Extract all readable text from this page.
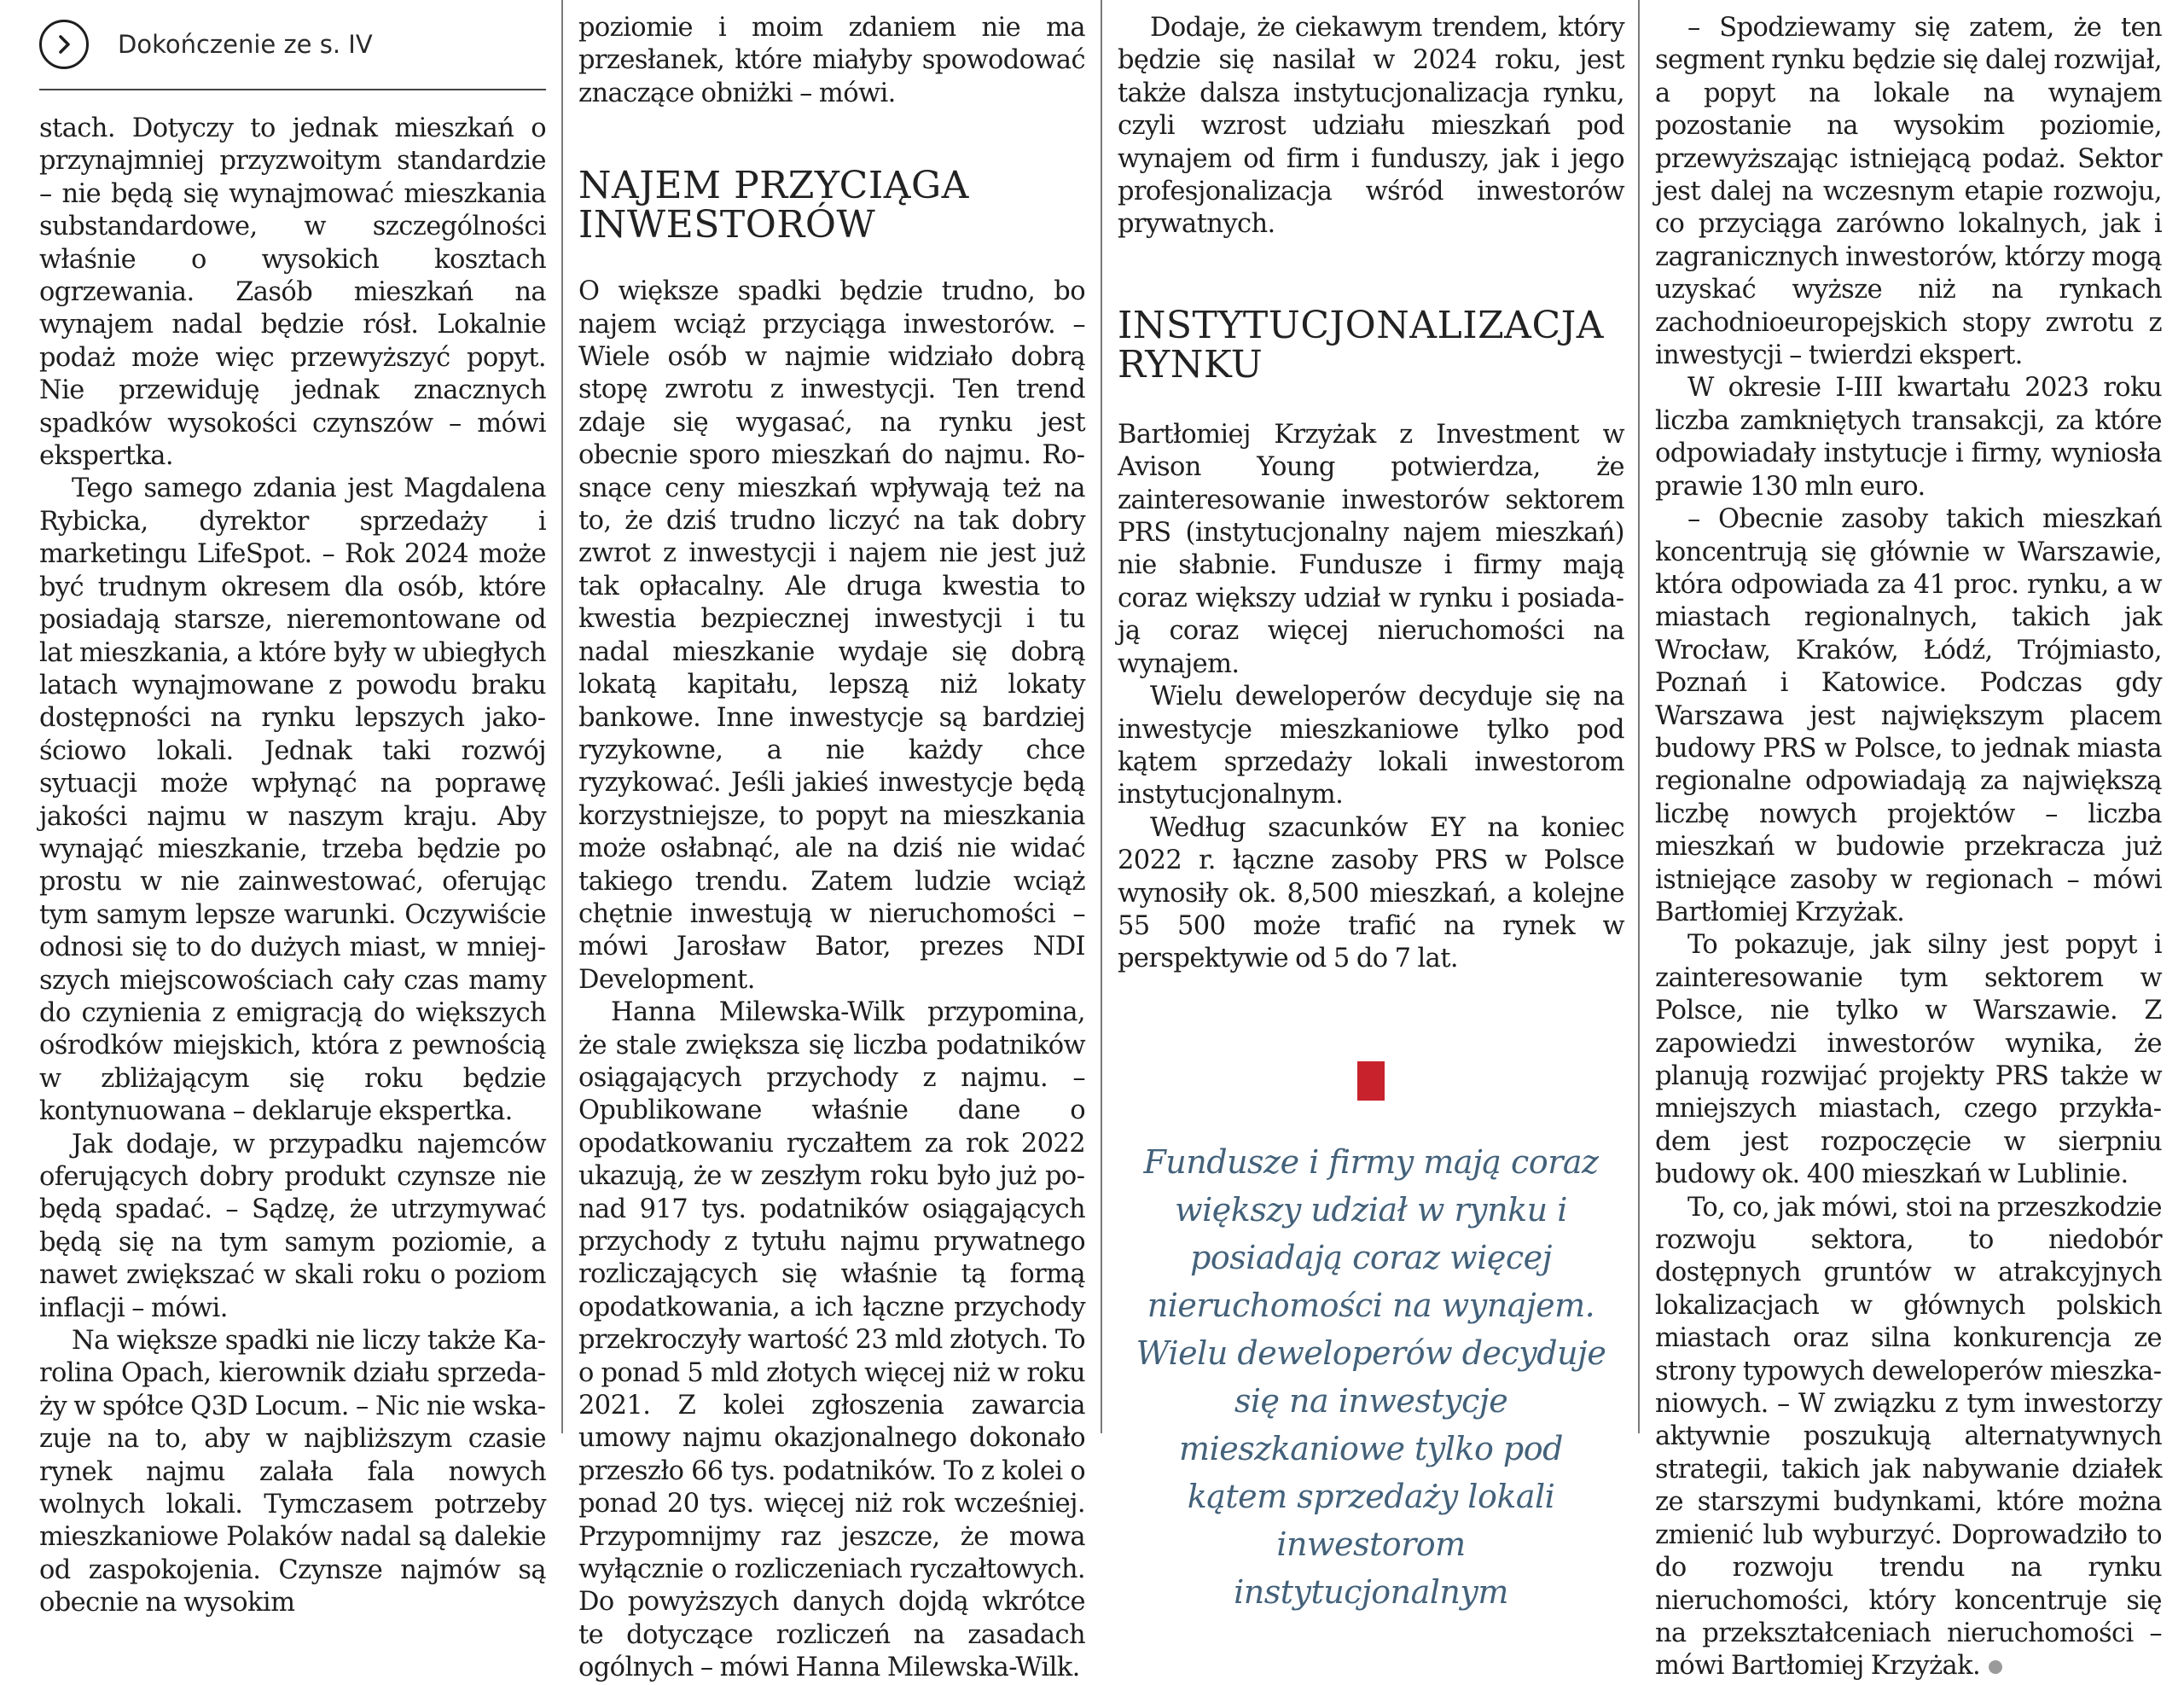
Dokończenie ze s. IV

stach. Dotyczy to jednak mieszkań o przynajmniej przyzwoitym standardzie – nie będą się wynajmować mieszkania substandardowe, w szczególności właśnie o wysokich kosztach ogrzewania. Zasób mieszkań na wynajem nadal będzie rósł. Lokalnie podaż może więc przewyższyć popyt. Nie przewiduję jednak znacznych spadków wysokości czynszów – mówi ekspertka.

Tego samego zdania jest Magdalena Rybicka, dyrektor sprzedaży i marketingu LifeSpot. – Rok 2024 może być trudnym okresem dla osób, które posiadają starsze, nieremontowane od lat mieszkania, a które były w ubiegłych latach wynajmowane z powodu braku dostępności na rynku lepszych jakościowo lokali. Jednak taki rozwój sytuacji może wpłynąć na poprawę jakości najmu w naszym kraju. Aby wynająć mieszkanie, trzeba będzie po prostu w nie zainwestować, oferując tym samym lepsze warunki. Oczywiście odnosi się to do dużych miast, w mniejszych miejscowościach cały czas mamy do czynienia z emigracją do większych ośrodków miejskich, która z pewnością w zbliżającym się roku będzie kontynuowana – deklaruje ekspertka.

Jak dodaje, w przypadku najemców oferujących dobry produkt czynsze nie będą spadać. – Sądzę, że utrzymywać będą się na tym samym poziomie, a nawet zwiększać w skali roku o poziom inflacji – mówi.

Na większe spadki nie liczy także Karolina Opach, kierownik działu sprzedaży w spółce Q3D Locum. – Nic nie wskazuje na to, aby w najbliższym czasie rynek najmu zalała fala nowych wolnych lokali. Tymczasem potrzeby mieszkaniowe Polaków nadal są dalekie od zaspokojenia. Czynsze najmów są obecnie na wysokim

poziomie i moim zdaniem nie ma przesłanek, które miałyby spowodować znaczące obniżki – mówi.

NAJEM PRZYCIĄGA INWESTORÓW

O większe spadki będzie trudno, bo najem wciąż przyciąga inwestorów. – Wiele osób w najmie widziało dobrą stopę zwrotu z inwestycji. Ten trend zdaje się wygasać, na rynku jest obecnie sporo mieszkań do najmu. Rosnące ceny mieszkań wpływają też na to, że dziś trudno liczyć na tak dobry zwrot z inwestycji i najem nie jest już tak opłacalny. Ale druga kwestia to kwestia bezpiecznej inwestycji i tu nadal mieszkanie wydaje się dobrą lokatą kapitału, lepszą niż lokaty bankowe. Inne inwestycje są bardziej ryzykowne, a nie każdy chce ryzykować. Jeśli jakieś inwestycje będą korzystniejsze, to popyt na mieszkania może osłabnąć, ale na dziś nie widać takiego trendu. Zatem ludzie wciąż chętnie inwestują w nieruchomości – mówi Jarosław Bator, prezes NDI Development.

Hanna Milewska-Wilk przypomina, że stale zwiększa się liczba podatników osiągających przychody z najmu. – Opublikowane właśnie dane o opodatkowaniu ryczałtem za rok 2022 ukazują, że w zeszłym roku było już ponad 917 tys. podatników osiągających przychody z tytułu najmu prywatnego rozliczających się właśnie tą formą opodatkowania, a ich łączne przychody przekroczyły wartość 23 mld złotych. To o ponad 5 mld złotych więcej niż w roku 2021. Z kolei zgłoszenia zawarcia umowy najmu okazjonalnego dokonało przeszło 66 tys. podatników. To z kolei o ponad 20 tys. więcej niż rok wcześniej. Przypomnijmy raz jeszcze, że mowa wyłącznie o rozliczeniach ryczałtowych. Do powyższych danych dojdą wkrótce te dotyczące rozliczeń na zasadach ogólnych – mówi Hanna Milewska-Wilk.

Dodaje, że ciekawym trendem, który będzie się nasilał w 2024 roku, jest także dalsza instytucjonalizacja rynku, czyli wzrost udziału mieszkań pod wynajem od firm i funduszy, jak i jego profesjonalizacja wśród inwestorów prywatnych.

INSTYTUCJONALIZACJA RYNKU

Bartłomiej Krzyżak z Investment w Avison Young potwierdza, że zainteresowanie inwestorów sektorem PRS (instytucjonalny najem mieszkań) nie słabnie. Fundusze i firmy mają coraz większy udział w rynku i posiadają coraz więcej nieruchomości na wynajem.

Wielu deweloperów decyduje się na inwestycje mieszkaniowe tylko pod kątem sprzedaży lokali inwestorom instytucjonalnym.

Według szacunków EY na koniec 2022 r. łączne zasoby PRS w Polsce wynosiły ok. 8,500 mieszkań, a kolejne 55 500 może trafić na rynek w perspektywie od 5 do 7 lat.

Fundusze i firmy mają coraz większy udział w rynku i posiadają coraz więcej nieruchomości na wynajem. Wielu deweloperów decyduje się na inwestycje mieszkaniowe tylko pod kątem sprzedaży lokali inwestorom instytucjonalnym

– Spodziewamy się zatem, że ten segment rynku będzie się dalej rozwijał, a popyt na lokale na wynajem pozostanie na wysokim poziomie, przewyższając istniejącą podaż. Sektor jest dalej na wczesnym etapie rozwoju, co przyciąga zarówno lokalnych, jak i zagranicznych inwestorów, którzy mogą uzyskać wyższe niż na rynkach zachodnioeuropejskich stopy zwrotu z inwestycji – twierdzi ekspert.

W okresie I-III kwartału 2023 roku liczba zamkniętych transakcji, za które odpowiadały instytucje i firmy, wyniosła prawie 130 mln euro.

– Obecnie zasoby takich mieszkań koncentrują się głównie w Warszawie, która odpowiada za 41 proc. rynku, a w miastach regionalnych, takich jak Wrocław, Kraków, Łódź, Trójmiasto, Poznań i Katowice. Podczas gdy Warszawa jest największym placem budowy PRS w Polsce, to jednak miasta regionalne odpowiadają za największą liczbę nowych projektów – liczba mieszkań w budowie przekracza już istniejące zasoby w regionach – mówi Bartłomiej Krzyżak.

To pokazuje, jak silny jest popyt i zainteresowanie tym sektorem w Polsce, nie tylko w Warszawie. Z zapowiedzi inwestorów wynika, że planują rozwijać projekty PRS także w mniejszych miastach, czego przykładem jest rozpoczęcie w sierpniu budowy ok. 400 mieszkań w Lublinie.

To, co, jak mówi, stoi na przeszkodzie rozwoju sektora, to niedobór dostępnych gruntów w atrakcyjnych lokalizacjach w głównych polskich miastach oraz silna konkurencja ze strony typowych deweloperów mieszkaniowych. – W związku z tym inwestorzy aktywnie poszukują alternatywnych strategii, takich jak nabywanie działek ze starszymi budynkami, które można zmienić lub wyburzyć. Doprowadziło to do rozwoju trendu na rynku nieruchomości, który koncentruje się na przekształceniach nieruchomości – mówi Bartłomiej Krzyżak.
